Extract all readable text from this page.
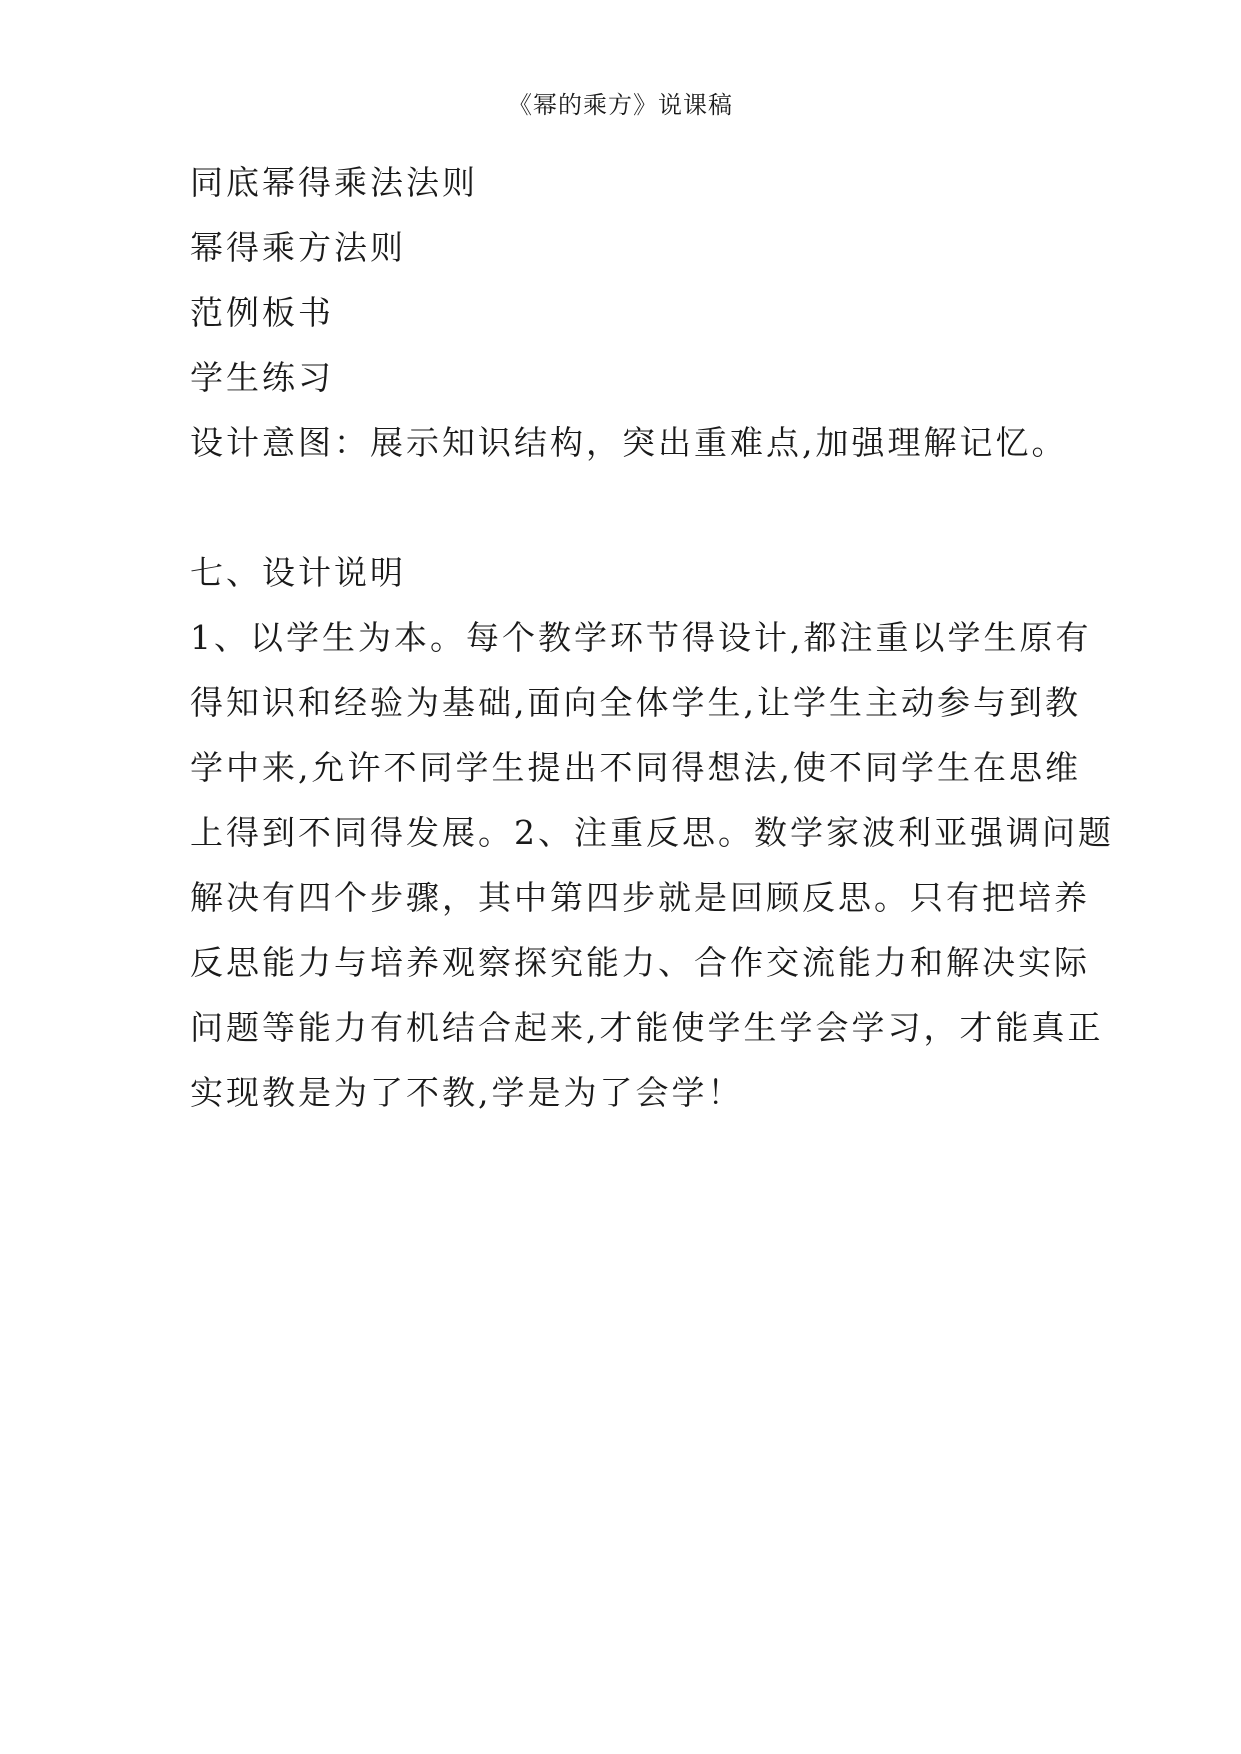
《幂的乘方》说课稿
同底幂得乘法法则
幂得乘方法则
范例板书
学生练习
设计意图：展示知识结构，突出重难点,加强理解记忆。
七、设计说明
1、以学生为本。每个教学环节得设计,都注重以学生原有
得知识和经验为基础,面向全体学生,让学生主动参与到教
学中来,允许不同学生提出不同得想法,使不同学生在思维
上得到不同得发展。2、注重反思。数学家波利亚强调问题
解决有四个步骤，其中第四步就是回顾反思。只有把培养
反思能力与培养观察探究能力、合作交流能力和解决实际
问题等能力有机结合起来,才能使学生学会学习，才能真正
实现教是为了不教,学是为了会学！
